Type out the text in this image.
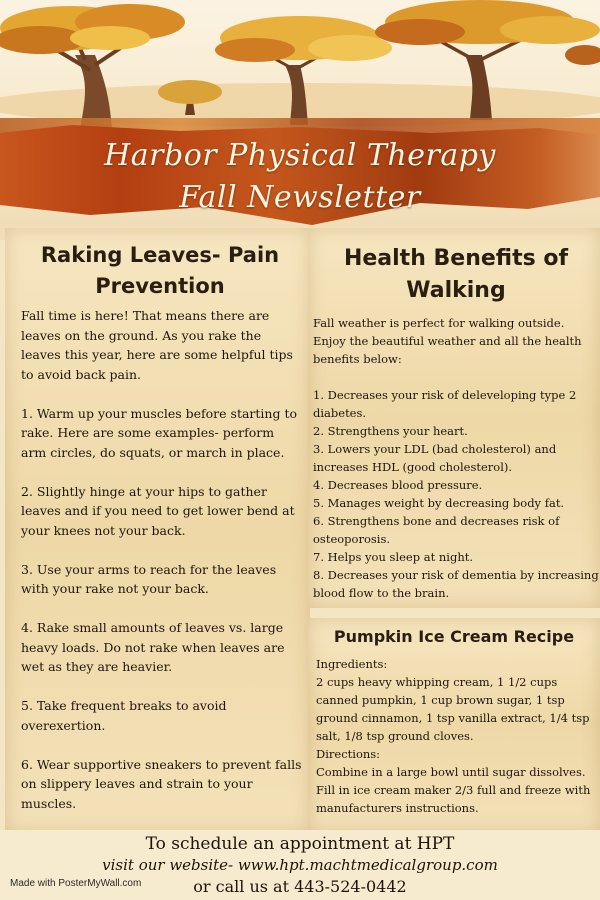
Harbor Physical Therapy
Fall Newsletter
Raking Leaves- Pain Prevention

Fall time is here! That means there are leaves on the ground. As you rake the leaves this year, here are some helpful tips to avoid back pain.

1. Warm up your muscles before starting to rake. Here are some examples- perform arm circles, do squats, or march in place.

2. Slightly hinge at your hips to gather leaves and if you need to get lower bend at your knees not your back.

3. Use your arms to reach for the leaves with your rake not your back.

4. Rake small amounts of leaves vs. large heavy loads. Do not rake when leaves are wet as they are heavier.

5. Take frequent breaks to avoid overexertion.

6. Wear supportive sneakers to prevent falls on slippery leaves and strain to your muscles.

Health Benefits of Walking

Fall weather is perfect for walking outside. Enjoy the beautiful weather and all the health benefits below:

1. Decreases your risk of deleveloping type 2 diabetes.
2. Strengthens your heart.
3. Lowers your LDL (bad cholesterol) and increases HDL (good cholesterol).
4. Decreases blood pressure.
5. Manages weight by decreasing body fat.
6. Strengthens bone and decreases risk of osteoporosis.
7. Helps you sleep at night.
8. Decreases your risk of dementia by increasing blood flow to the brain.
Pumpkin Ice Cream Recipe
Ingredients:
2 cups heavy whipping cream, 1 1/2 cups canned pumpkin, 1 cup brown sugar, 1 tsp ground cinnamon, 1 tsp vanilla extract, 1/4 tsp salt, 1/8 tsp ground cloves.
Directions:
Combine in a large bowl until sugar dissolves. Fill in ice cream maker 2/3 full and freeze with manufacturers instructions.
To schedule an appointment at HPT
visit our website- www.hpt.machtmedicalgroup.com
or call us at 443-524-0442
Made with PosterMyWall.com
